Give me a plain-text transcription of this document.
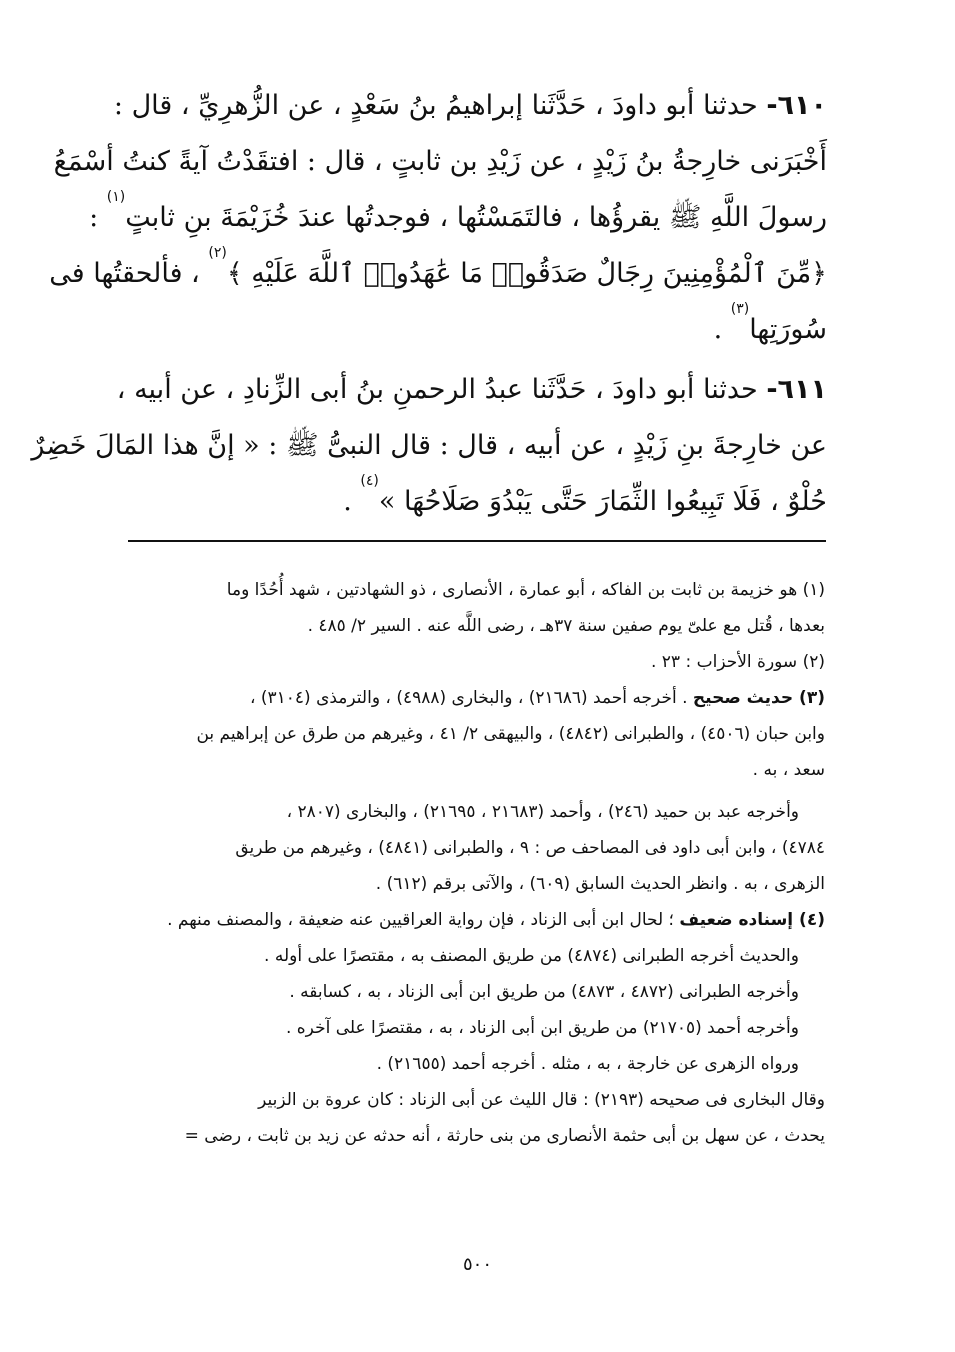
٦١٠- حدثنا أبو داودَ ، حَدَّثَنا إبراهيمُ بنُ سَعْدٍ ، عن الزُّهرِيِّ ، قال :
أَخْبَرَنى خارِجةُ بنُ زَيْدٍ ، عن زَيْدِ بن ثابتٍ ، قال : افتقَدْتُ آيةً كنتُ أسْمَعُ
رسولَ اللَّهِ ﷺ يقرؤُها ، فالتَمَسْتُها ، فوجدتُها عندَ خُزَيْمَةَ بنِ ثابتٍ$^{(١)}$ :
﴿مِّنَ ٱلْمُؤْمِنِينَ رِجَالٌ صَدَقُوا۟ مَا عَٰهَدُوا۟ ٱللَّهَ عَلَيْهِ ﴾$^{(٢)}$ ، فألحقتُها فى
سُورَتِها$^{(٣)}$ .
٦١١- حدثنا أبو داودَ ، حَدَّثَنا عبدُ الرحمنِ بنُ أبى الزِّنادِ ، عن أبيه ،
عن خارِجةَ بنِ زَيْدٍ ، عن أبيه ، قال : قال النبىُّ ﷺ : « إنَّ هذا المَالَ خَضِرٌ
حُلْوٌ ، فَلَا تَبِيعُوا الثِّمَارَ حَتَّى يَبْدُوَ صَلَاحُهَا »$^{(٤)}$ .
(١) هو خزيمة بن ثابت بن الفاكه ، أبو عمارة ، الأنصارى ، ذو الشهادتين ، شهد أُحُدًا وما
بعدها ، قُتل مع علىّ يوم صفين سنة ٣٧هـ ، رضى اللَّه عنه . السير ٢/ ٤٨٥ .
(٢) سورة الأحزاب : ٢٣ .
(٣) حديث صحيح . أخرجه أحمد (٢١٦٨٦) ، والبخارى (٤٩٨٨) ، والترمذى (٣١٠٤) ،
وابن حبان (٤٥٠٦) ، والطبرانى (٤٨٤٢) ، والبيهقى ٢/ ٤١ ، وغيرهم من طرق عن إبراهيم بن
سعد ، به .
وأخرجه عبد بن حميد (٢٤٦) ، وأحمد (٢١٦٨٣ ، ٢١٦٩٥) ، والبخارى (٢٨٠٧ ،
٤٧٨٤) ، وابن أبى داود فى المصاحف ص : ٩ ، والطبرانى (٤٨٤١) ، وغيرهم من طريق
الزهرى ، به . وانظر الحديث السابق (٦٠٩) ، والآتى برقم (٦١٢) .
(٤) إسناده ضعيف ؛ لحال ابن أبى الزناد ، فإن رواية العراقيين عنه ضعيفة ، والمصنف منهم .
والحديث أخرجه الطبرانى (٤٨٧٤) من طريق المصنف به ، مقتصرًا على أوله .
وأخرجه الطبرانى (٤٨٧٢ ، ٤٨٧٣) من طريق ابن أبى الزناد ، به ، كسابقه .
وأخرجه أحمد (٢١٧٠٥) من طريق ابن أبى الزناد ، به ، مقتصرًا على آخره .
ورواه الزهرى عن خارجة ، به ، مثله . أخرجه أحمد (٢١٦٥٥) .
وقال البخارى فى صحيحه (٢١٩٣) : قال الليث عن أبى الزناد : كان عروة بن الزبير
يحدث ، عن سهل بن أبى حثمة الأنصارى من بنى حارثة ، أنه حدثه عن زيد بن ثابت ، رضى =
٥٠٠
